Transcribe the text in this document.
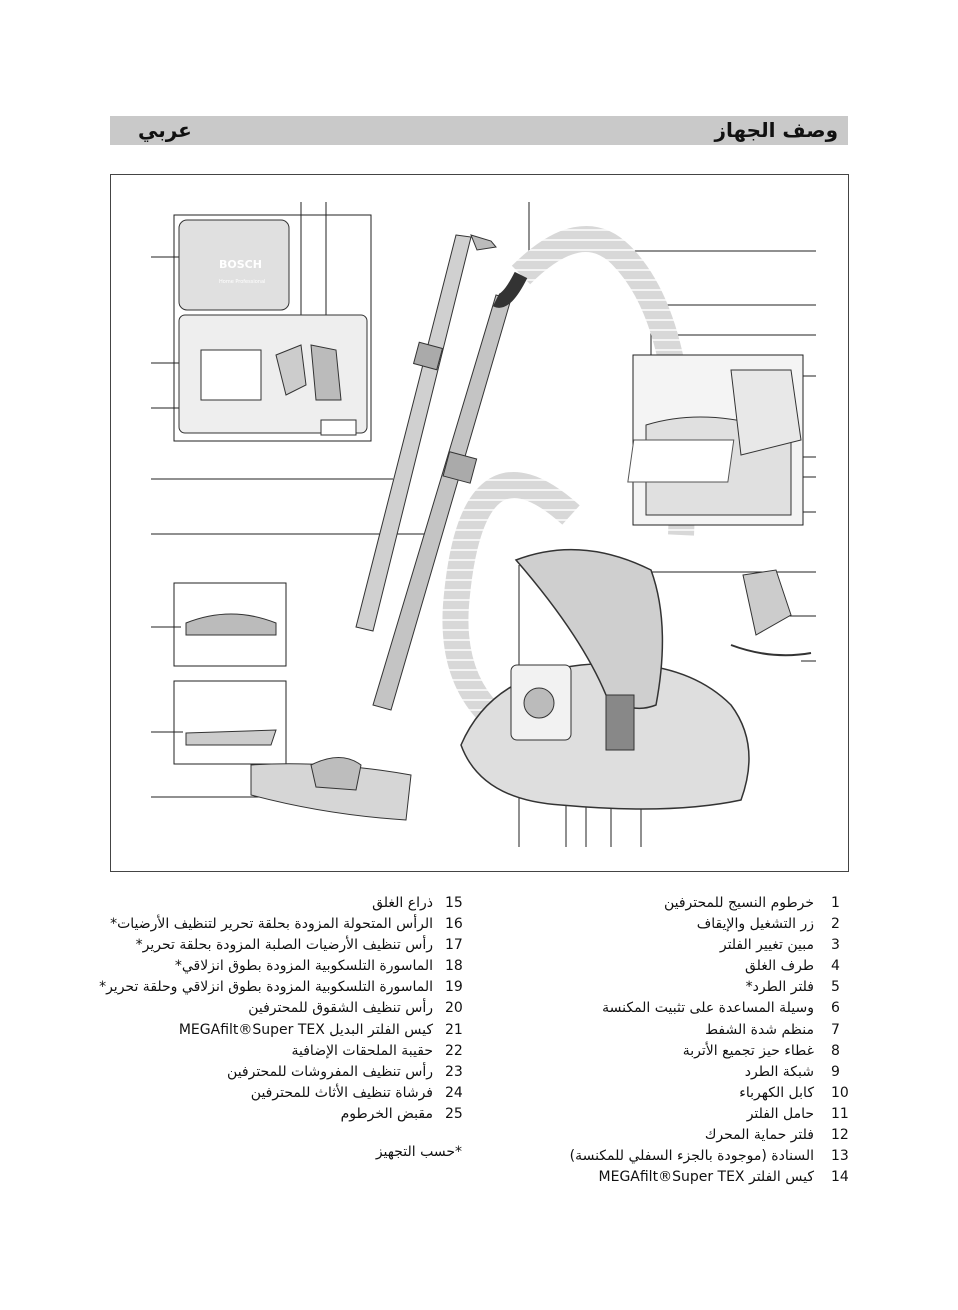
عربي	وصف الجهاز
BOSCH
Home Professional
1
خرطوم النسيج للمحترفين
2
زر التشغيل والإيقاف
3
مبين تغيير الفلتر
4
طرف الغلق
5
فلتر الطرد*
6
وسيلة المساعدة على تثبيت المكنسة
7
منظم شدة الشفط
8
غطاء حيز تجميع الأتربة
9
شبكة الطرد
10
كابل الكهرباء
11
حامل الفلتر
12
فلتر حماية المحرك
13
السنادة (موجودة بالجزء السفلي للمكنسة)
14
كيس الفلتر MEGAfilt®Super TEX
15
ذراع الغلق
16
الرأس المتحولة المزودة بحلقة تحرير لتنظيف الأرضيات*
17
رأس تنظيف الأرضيات الصلبة المزودة بحلقة تحرير*
18
الماسورة التلسكوبية المزودة بطوق انزلاقي*
19
الماسورة التلسكوبية المزودة بطوق انزلاقي وحلقة تحرير*
20
رأس تنظيف الشقوق للمحترفين
21
كيس الفلتر البديل MEGAfilt®Super TEX
22
حقيبة الملحقات الإضافية
23
رأس تنظيف المفروشات للمحترفين
24
فرشاة تنظيف الأثاث للمحترفين
25
مقبض الخرطوم
*حسب التجهيز
